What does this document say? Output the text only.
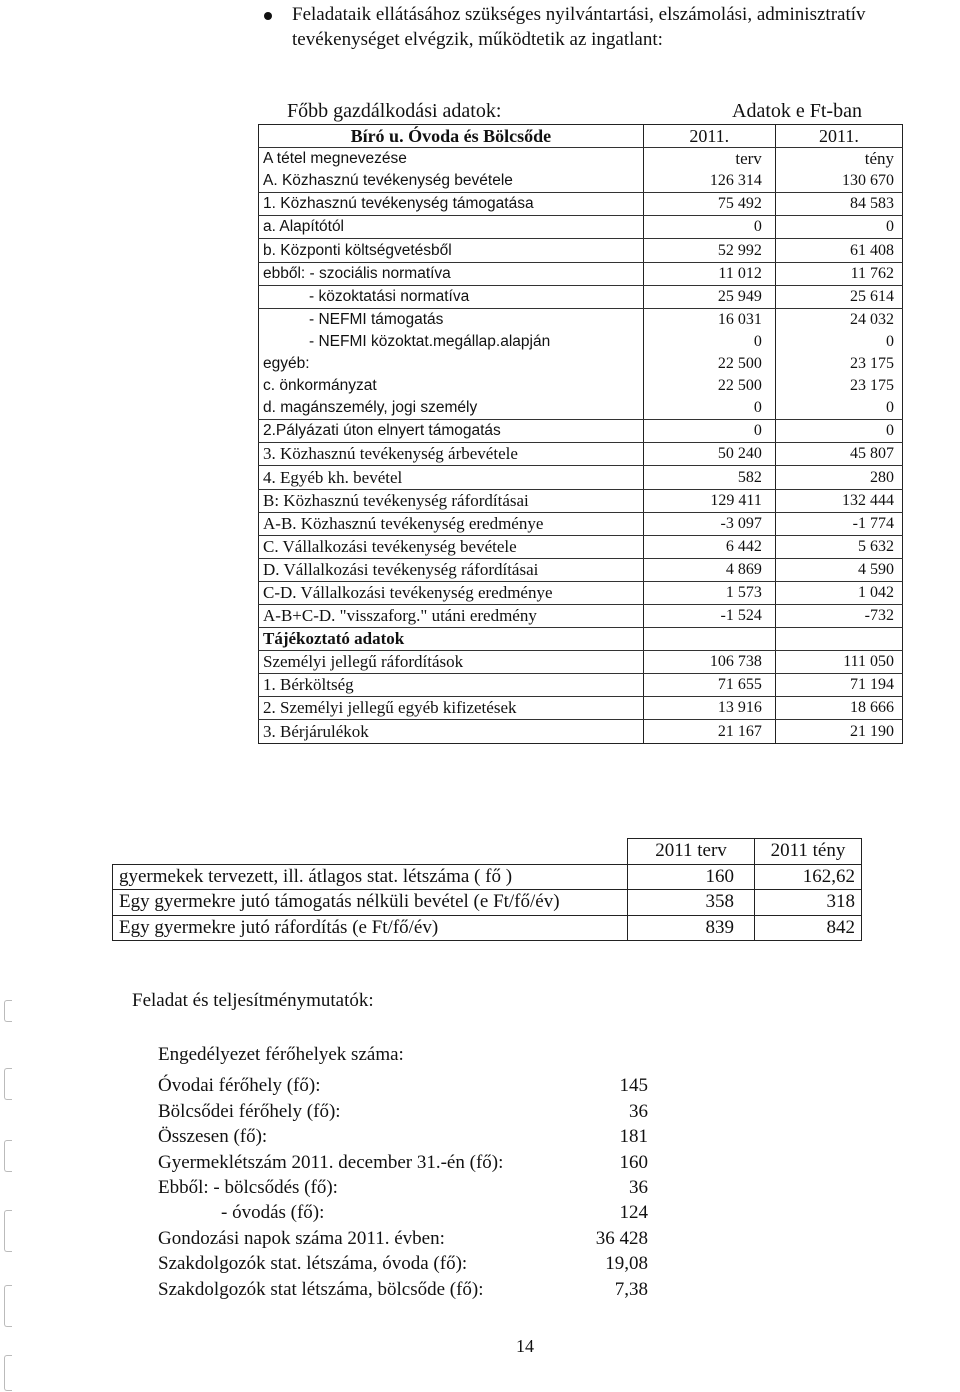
Feladataik ellátásához szükséges nyilvántartási, elszámolási, adminisztratív
tevékenységet elvégzik, működtetik az ingatlant:
Főbb gazdálkodási adatok:	Adatok e Ft-ban
Bíró u. Óvoda és Bölcsőde	2011.	2011.
A tétel megnevezése	terv	tény
A. Közhasznú tevékenység bevétele	126 314	130 670
1. Közhasznú tevékenység támogatása	75 492	84 583
a. Alapítótól	0	0
b. Központi költségvetésből	52 992	61 408
ebből: - szociális normatíva	11 012	11 762
- közoktatási normatíva	25 949	25 614
- NEFMI támogatás	16 031	24 032
- NEFMI közoktat.megállap.alapján	0	0
egyéb:	22 500	23 175
c. önkormányzat	22 500	23 175
d. magánszemély, jogi személy	0	0
2.Pályázati úton elnyert támogatás	0	0
3. Közhasznú tevékenység árbevétele	50 240	45 807
4. Egyéb kh. bevétel	582	280
B: Közhasznú tevékenység ráfordításai	129 411	132 444
A-B. Közhasznú tevékenység eredménye	-3 097	-1 774
C. Vállalkozási tevékenység bevétele	6 442	5 632
D. Vállalkozási tevékenység ráfordításai	4 869	4 590
C-D. Vállalkozási tevékenység eredménye	1 573	1 042
A-B+C-D. "visszaforg." utáni eredmény	-1 524	-732
Tájékoztató adatok		
Személyi jellegű ráfordítások	106 738	111 050
1. Bérköltség	71 655	71 194
2. Személyi jellegű egyéb kifizetések	13 916	18 666
3. Bérjárulékok	21 167	21 190
	2011 terv	2011 tény
gyermekek tervezett, ill. átlagos stat. létszáma ( fő )	160	162,62
Egy gyermekre jutó támogatás nélküli bevétel (e Ft/fő/év)	358	318
Egy gyermekre jutó ráfordítás (e Ft/fő/év)	839	842
Feladat és teljesítménymutatók:
Engedélyezet férőhelyek száma:
Óvodai férőhely (fő):	145
Bölcsődei férőhely (fő):	36
Összesen (fő):	181
Gyermeklétszám 2011. december 31.-én (fő):	160
Ebből: - bölcsődés (fő):	36
- óvodás (fő):	124
Gondozási napok száma 2011. évben:	36 428
Szakdolgozók stat. létszáma, óvoda (fő):	19,08
Szakdolgozók stat létszáma, bölcsőde (fő):	7,38
14
